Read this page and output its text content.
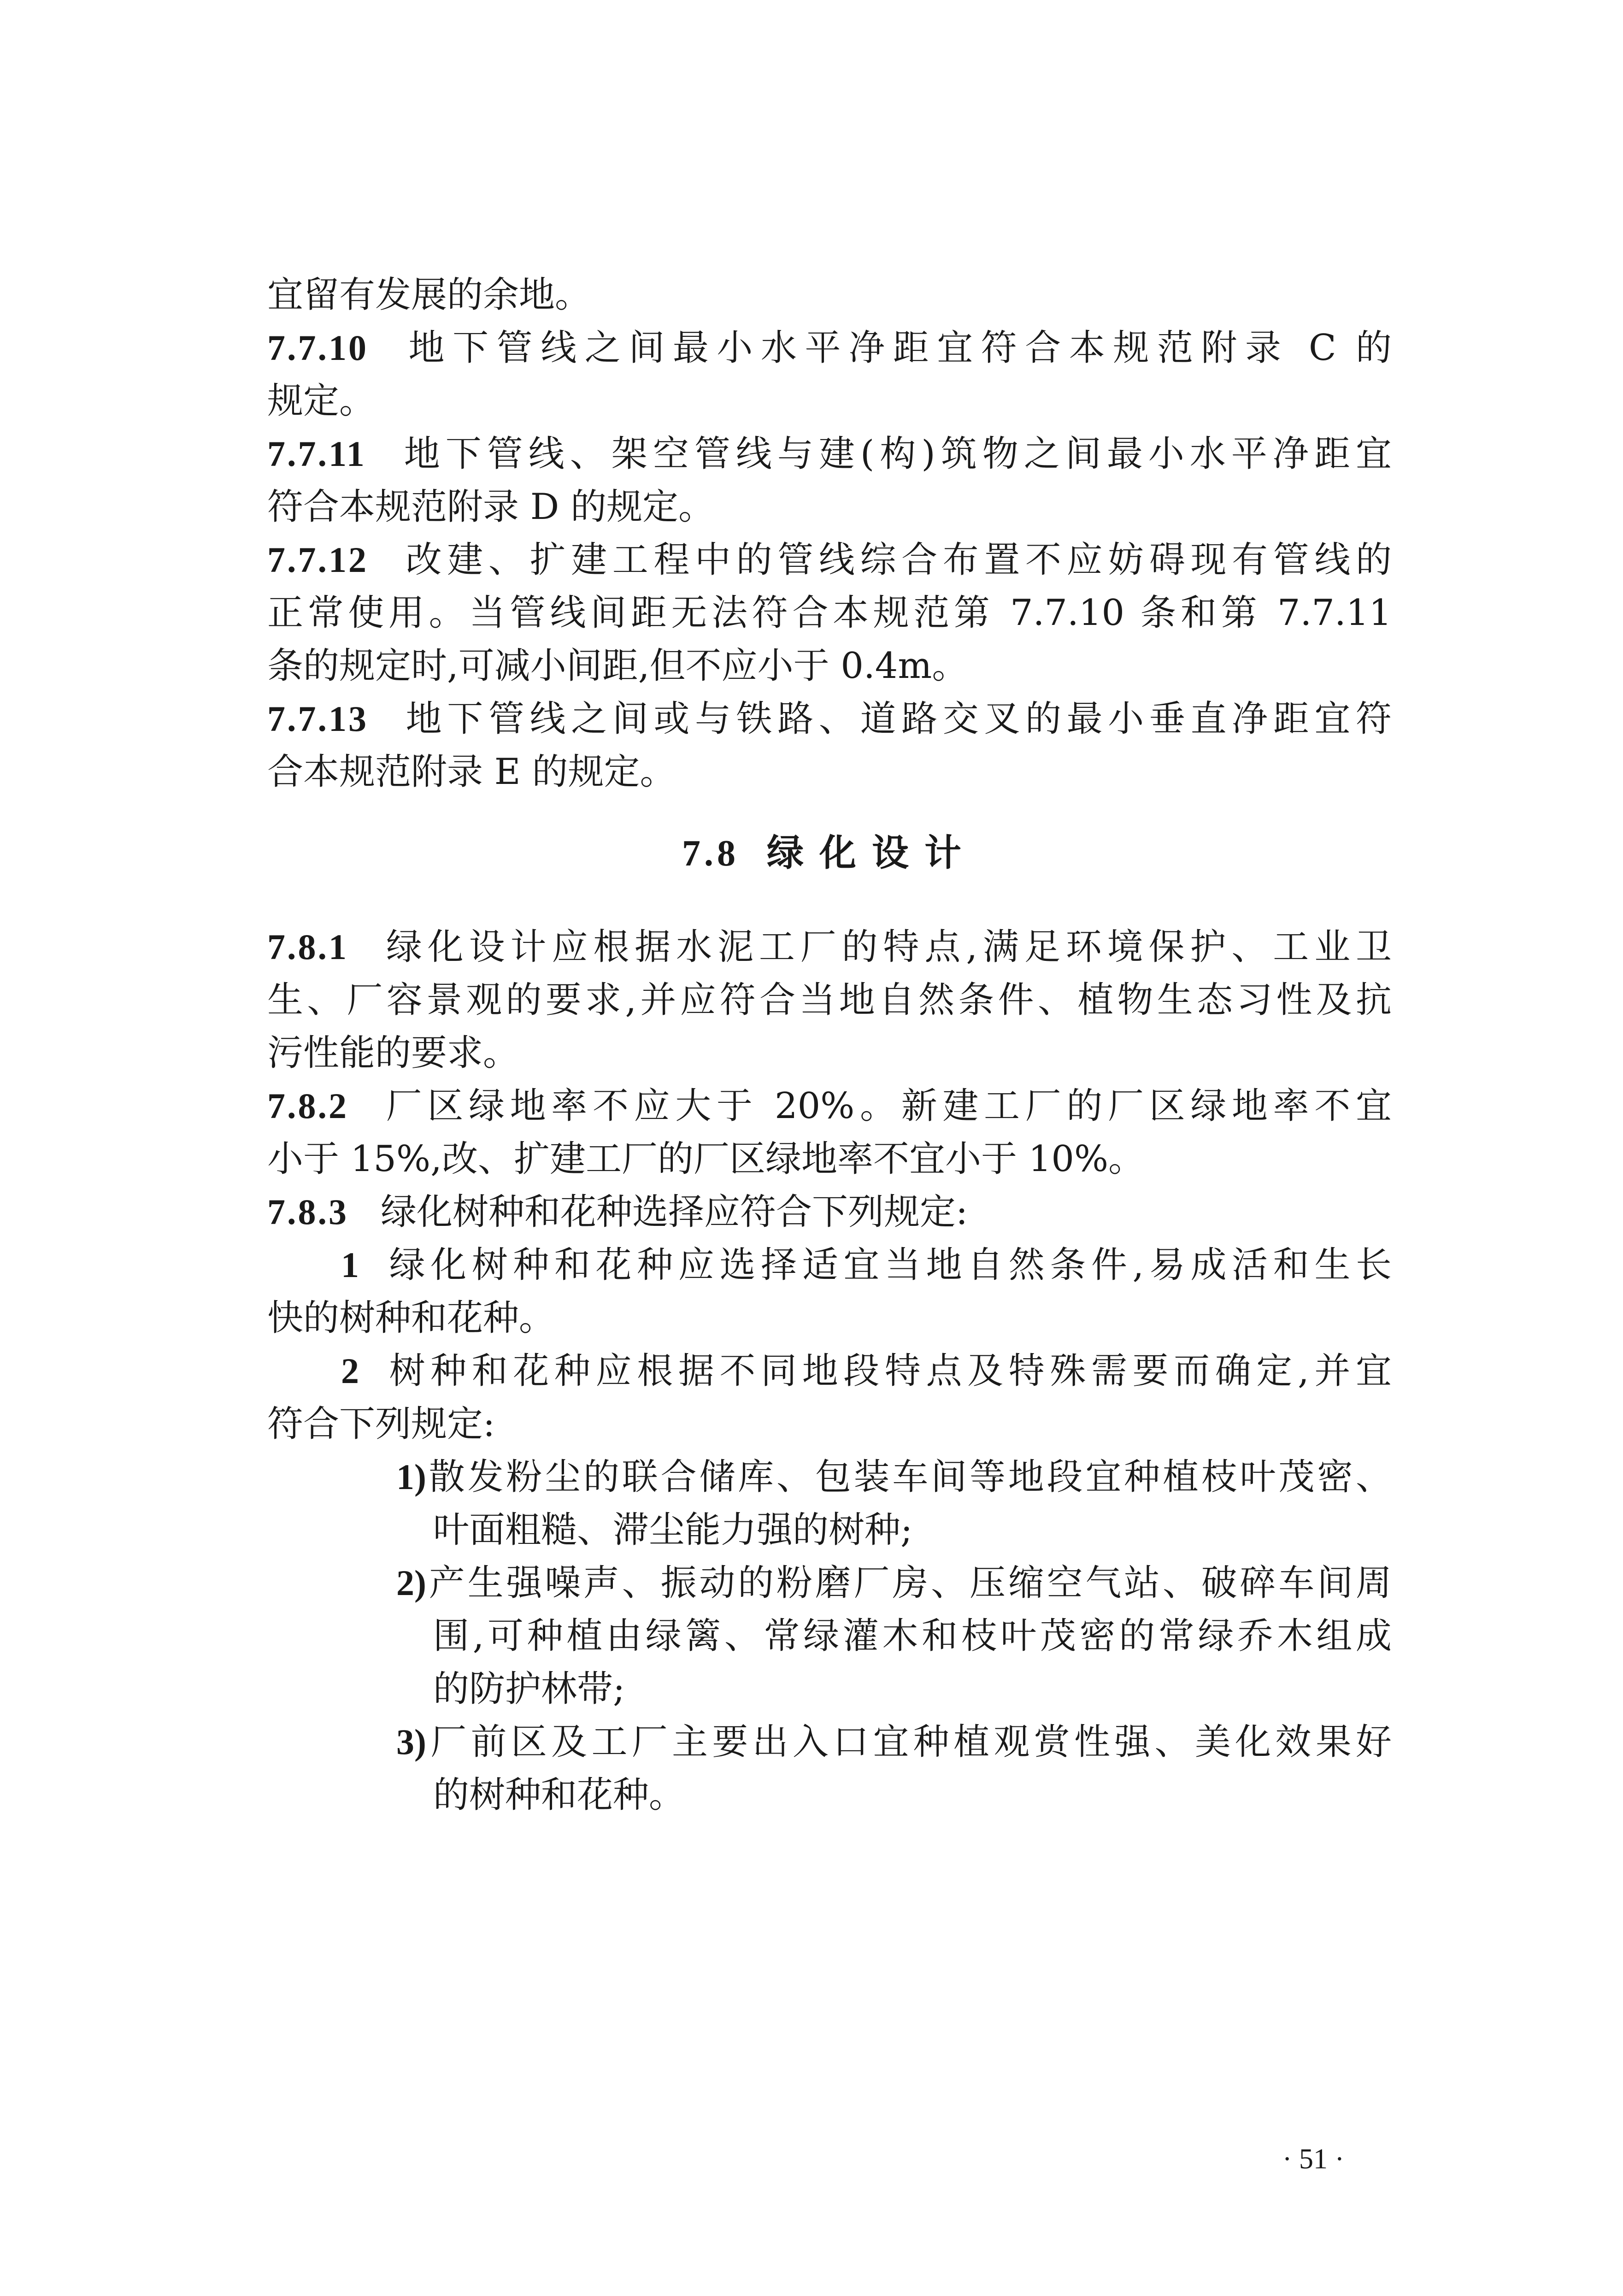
宜留有发展的余地。
7.7.10 地下管线之间最小水平净距宜符合本规范附录 C 的
规定。
7.7.11 地下管线、架空管线与建(构)筑物之间最小水平净距宜
符合本规范附录 D 的规定。
7.7.12 改建、扩建工程中的管线综合布置不应妨碍现有管线的
正常使用。当管线间距无法符合本规范第 7.7.10 条和第 7.7.11
条的规定时,可减小间距,但不应小于 0.4m。
7.7.13 地下管线之间或与铁路、道路交叉的最小垂直净距宜符
合本规范附录 E 的规定。
7.8 绿化设计
7.8.1 绿化设计应根据水泥工厂的特点,满足环境保护、工业卫
生、厂容景观的要求,并应符合当地自然条件、植物生态习性及抗
污性能的要求。
7.8.2 厂区绿地率不应大于 20%。新建工厂的厂区绿地率不宜
小于 15%,改、扩建工厂的厂区绿地率不宜小于 10%。
7.8.3 绿化树种和花种选择应符合下列规定:
1 绿化树种和花种应选择适宜当地自然条件,易成活和生长
快的树种和花种。
2 树种和花种应根据不同地段特点及特殊需要而确定,并宜
符合下列规定:
1)散发粉尘的联合储库、包装车间等地段宜种植枝叶茂密、
叶面粗糙、滞尘能力强的树种;
2)产生强噪声、振动的粉磨厂房、压缩空气站、破碎车间周
围,可种植由绿篱、常绿灌木和枝叶茂密的常绿乔木组成
的防护林带;
3)厂前区及工厂主要出入口宜种植观赏性强、美化效果好
的树种和花种。
· 51 ·
